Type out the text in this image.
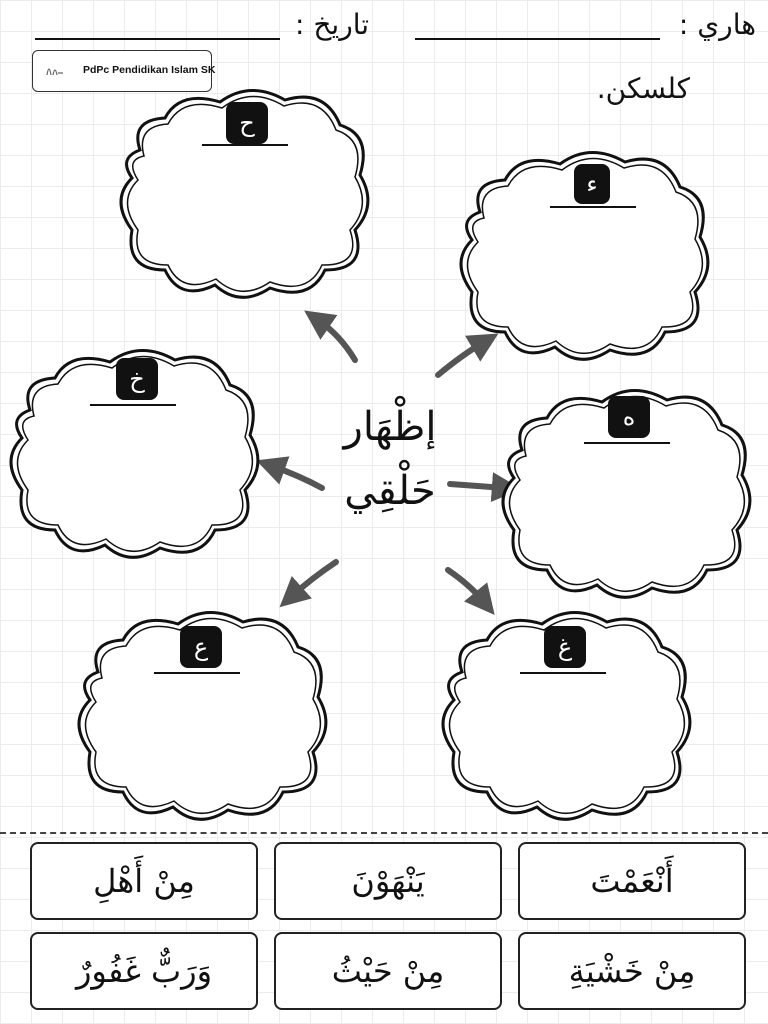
هاري :
تاريخ :
كلسكن.
PdPc Pendidikan Islam SK
إظْهَار
حَلْقِي
ح
ء
خ
ه
ع	غ
أَنْعَمْتَ
يَنْهَوْنَ
مِنْ أَهْلِ
مِنْ خَشْيَةِ
مِنْ حَيْثُ
وَرَبٌّ غَفُورٌ
